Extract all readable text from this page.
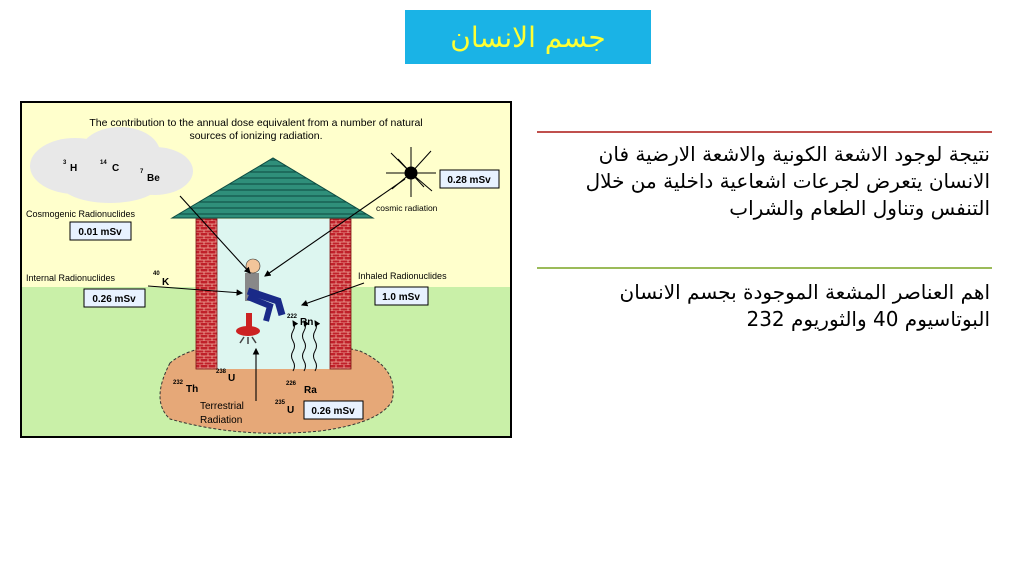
جسم الانسان
The contribution to the annual dose equivalent from a number of natural
sources of ionizing radiation.
3 H	14 C	7
Be
Cosmogenic Radionuclides
0.01 mSv
0.28 mSv
cosmic radiation
Internal Radionuclides	40
K
0.26 mSv
Inhaled Radionuclides
1.0 mSv
222 Rn
238
U
232
Th	226
Ra
235
U
Terrestrial
Radiation
0.26 mSv
نتيجة لوجود الاشعة الكونية والاشعة الارضية فان الانسان يتعرض لجرعات اشعاعية داخلية من خلال التنفس وتناول الطعام والشراب
اهم العناصر المشعة الموجودة بجسم الانسان البوتاسيوم 40 والثوريوم 232
